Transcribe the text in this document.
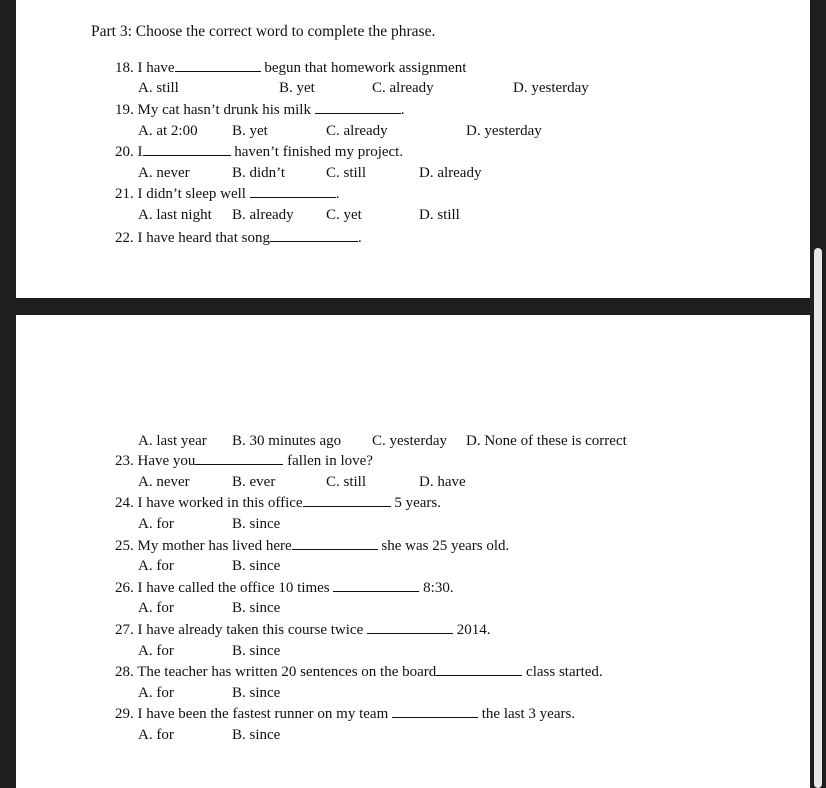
Part 3: Choose the correct word to complete the phrase.
18. I have	begun that homework assignment
A. still	B. yet	C. already	D. yesterday
19. My cat hasn’t drunk his milk	.
A. at 2:00 B. yet	C. already	D. yesterday
20. I	haven’t finished my project.
A. never	B. didn’t	C. still	D. already
21. I didn’t sleep well	.
A. last night B. already C. yet	D. still
22. I have heard that song	.
A. last year B. 30 minutes ago C. yesterday D. None of these is correct
23. Have you	fallen in love?
A. never	B. ever	C. still	D. have
24. I have worked in this office	5 years.
A. for	B. since
25. My mother has lived here	she was 25 years old.
A. for	B. since
26. I have called the office 10 times	8:30.
A. for	B. since
27. I have already taken this course twice	2014.
A. for	B. since
28. The teacher has written 20 sentences on the board	class started.
A. for	B. since
29. I have been the fastest runner on my team	the last 3 years.
A. for	B. since
